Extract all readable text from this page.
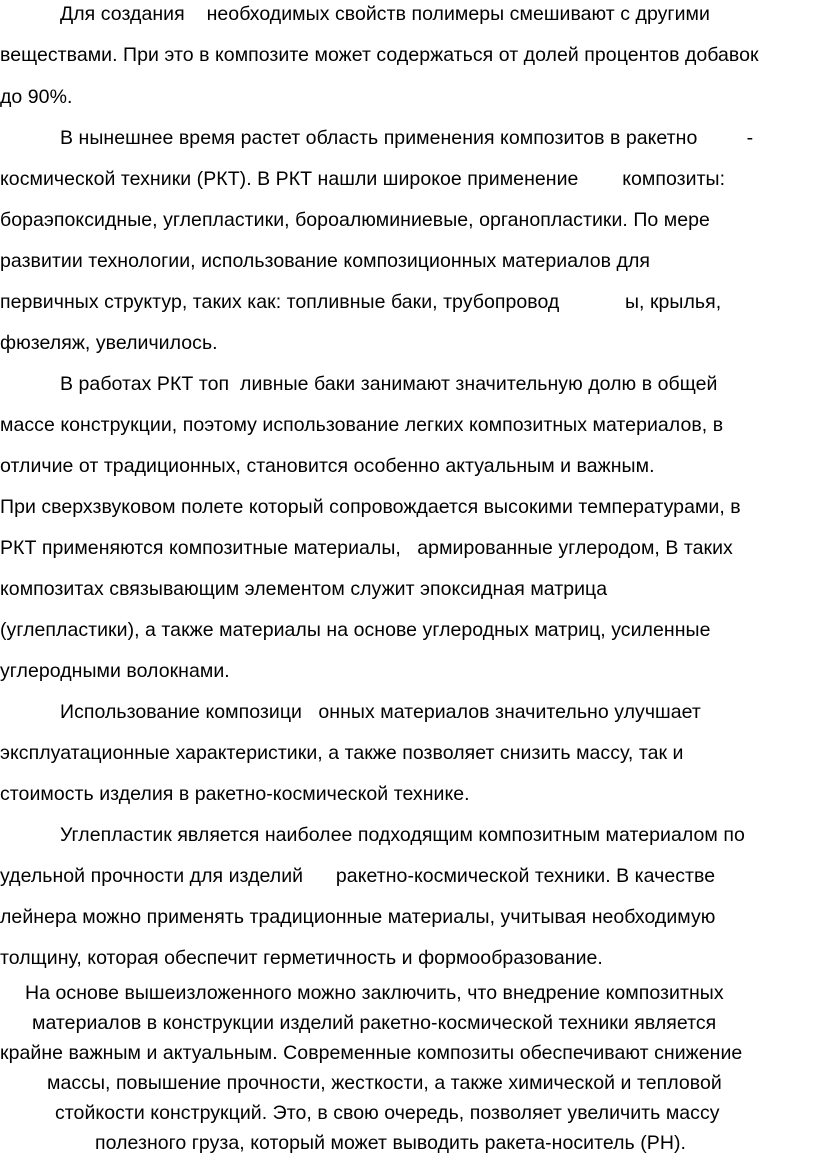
Для создания    необходимых свойств полимеры смешивают с другими
веществами. При это в композите может содержаться от долей процентов добавок
до 90%.
В нынешнее время растет область применения композитов в ракетно         -
космической техники (РКТ). В РКТ нашли широкое применение        композиты:
бораэпоксидные, углепластики, бороалюминиевые, органопластики. По мере
развитии технологии, использование композиционных материалов для
первичных структур, таких как: топливные баки, трубопровод            ы, крылья,
фюзеляж, увеличилось.
В работах РКТ топ  ливные баки занимают значительную долю в общей
массе конструкции, поэтому использование легких композитных материалов, в
отличие от традиционных, становится особенно актуальным и важным.
При сверхзвуковом полете который сопровождается высокими температурами, в
РКТ применяются композитные материалы,   армированные углеродом, В таких
композитах связывающим элементом служит эпоксидная матрица
(углепластики), а также материалы на основе углеродных матриц, усиленные
углеродными волокнами.
Использование композици   онных материалов значительно улучшает
эксплуатационные характеристики, а также позволяет снизить массу, так и
стоимость изделия в ракетно-космической технике.
Углепластик является наиболее подходящим композитным материалом по
удельной прочности для изделий      ракетно-космической техники. В качестве
лейнера можно применять традиционные материалы, учитывая необходимую
толщину, которая обеспечит герметичность и формообразование.
На основе вышеизложенного можно заключить, что внедрение композитных
материалов в конструкции изделий ракетно-космической техники является
крайне важным и актуальным. Современные композиты обеспечивают снижение
массы, повышение прочности, жесткости, а также химической и тепловой
стойкости конструкций. Это, в свою очередь, позволяет увеличить массу
полезного груза, который может выводить ракета-носитель (РН).
